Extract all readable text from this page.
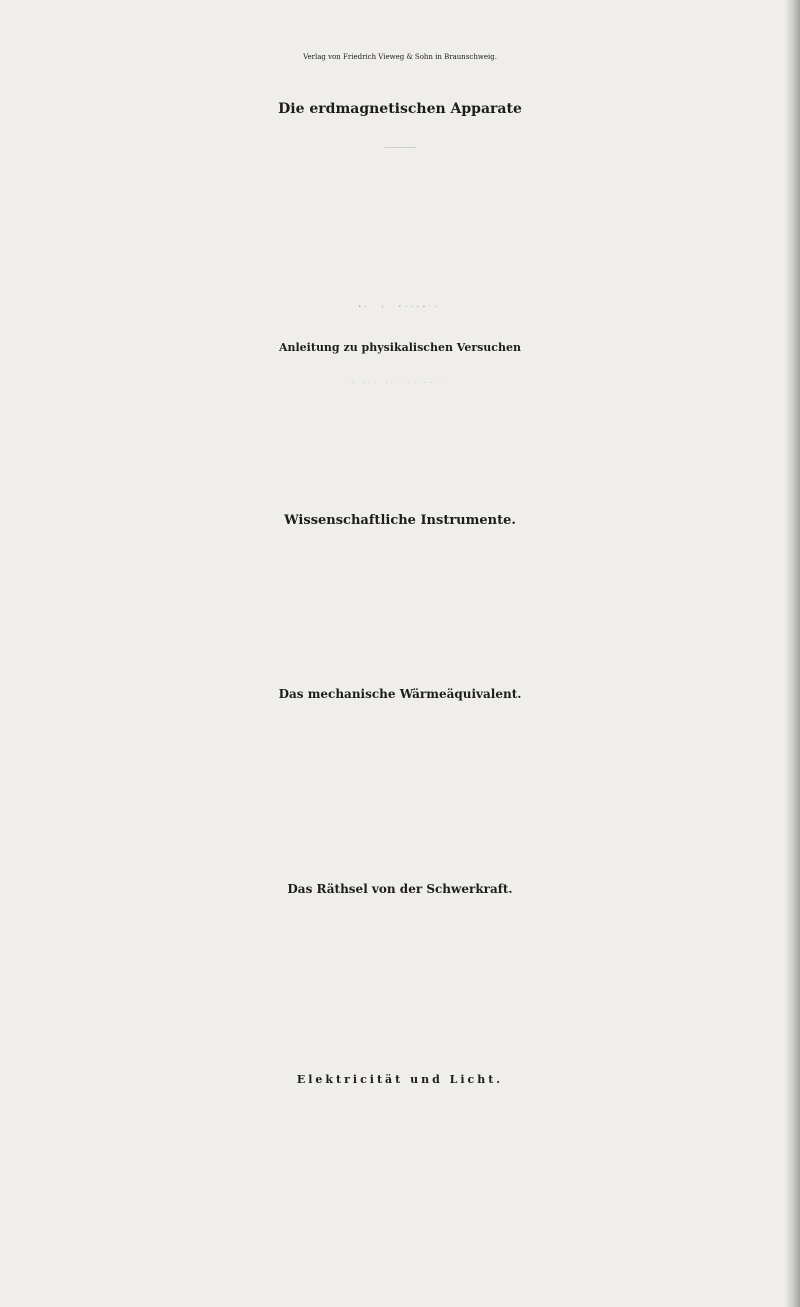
Verlag von Friedrich Vieweg & Sohn in Braunschweig.
Die erdmagnetischen Apparate
der Polar-Expeditionen im Jahre 1883 aus den Werkstätten von
Dr. J. Frick's
Anleitung zu physikalischen Versuchen
in der Volksschule,
Wissenschaftliche Instrumente.
Das mechanische Wärmeäquivalent.
Das Räthsel von der Schwerkraft.
Elektricität und Licht.
